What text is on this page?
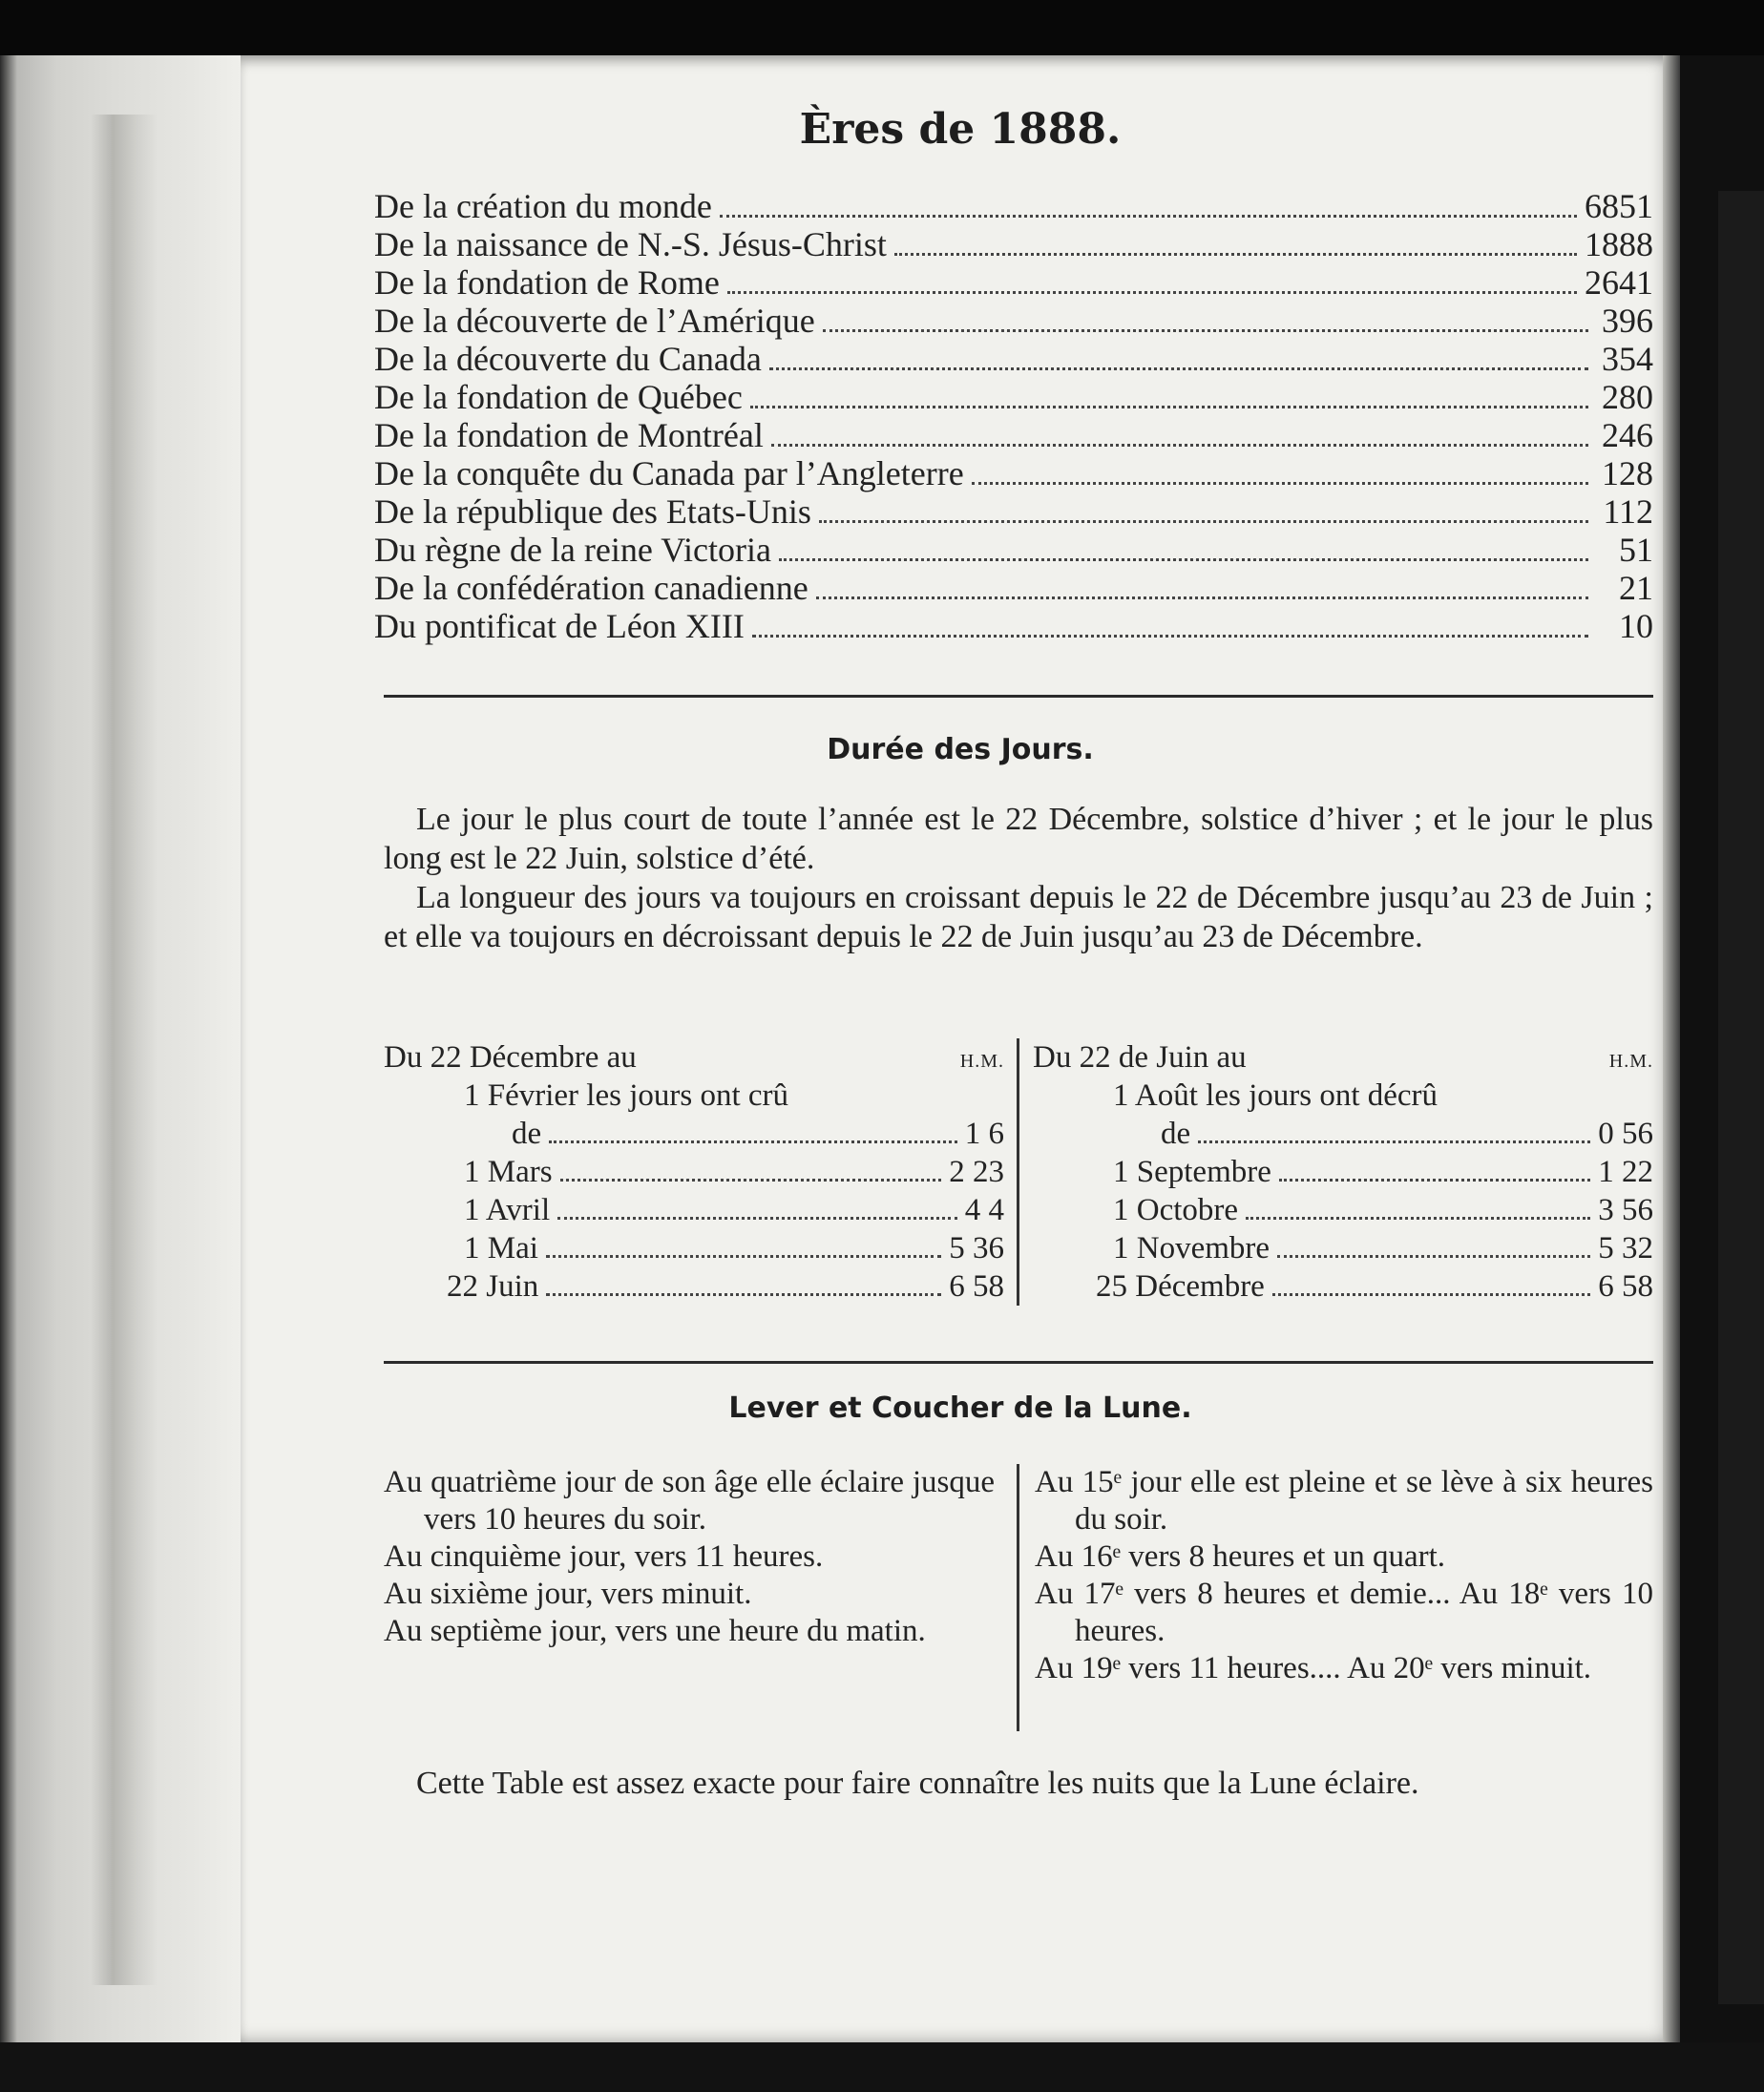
Ères de 1888.
De la création du monde	6851
De la naissance de N.-S. Jésus-Christ	1888
De la fondation de Rome	2641
De la découverte de l’Amérique	396
De la découverte du Canada	354
De la fondation de Québec	280
De la fondation de Montréal	246
De la conquête du Canada par l’Angleterre	128
De la république des Etats-Unis	112
Du règne de la reine Victoria	51
De la confédération canadienne	21
Du pontificat de Léon XIII	10
Durée des Jours.

Le jour le plus court de toute l’année est le 22 Décembre, solstice d’hiver ; et le jour le plus long est le 22 Juin, solstice d’été.

La longueur des jours va toujours en croissant depuis le 22 de Décembre jusqu’au 23 de Juin ; et elle va toujours en décroissant depuis le 22 de Juin jusqu’au 23 de Décembre.

Du 22 Décembre au	H.M.
1 Février les jours ont crû
de	1 6
1 Mars	2 23
1 Avril	4 4
1 Mai	5 36
22 Juin	6 58
Du 22 de Juin au	H.M.
1 Août les jours ont décrû
de	0 56
1 Septembre	1 22
1 Octobre	3 56
1 Novembre	5 32
25 Décembre	6 58
Lever et Coucher de la Lune.

Au quatrième jour de son âge elle éclaire jusque vers 10 heures du soir.

Au cinquième jour, vers 11 heures.

Au sixième jour, vers minuit.

Au septième jour, vers une heure du matin.

Au 15ᵉ jour elle est pleine et se lève à six heures du soir.

Au 16ᵉ vers 8 heures et un quart.

Au 17ᵉ vers 8 heures et demie... Au 18ᵉ vers 10 heures.

Au 19ᵉ vers 11 heures.... Au 20ᵉ vers minuit.

Cette Table est assez exacte pour faire connaître les nuits que la Lune éclaire.
